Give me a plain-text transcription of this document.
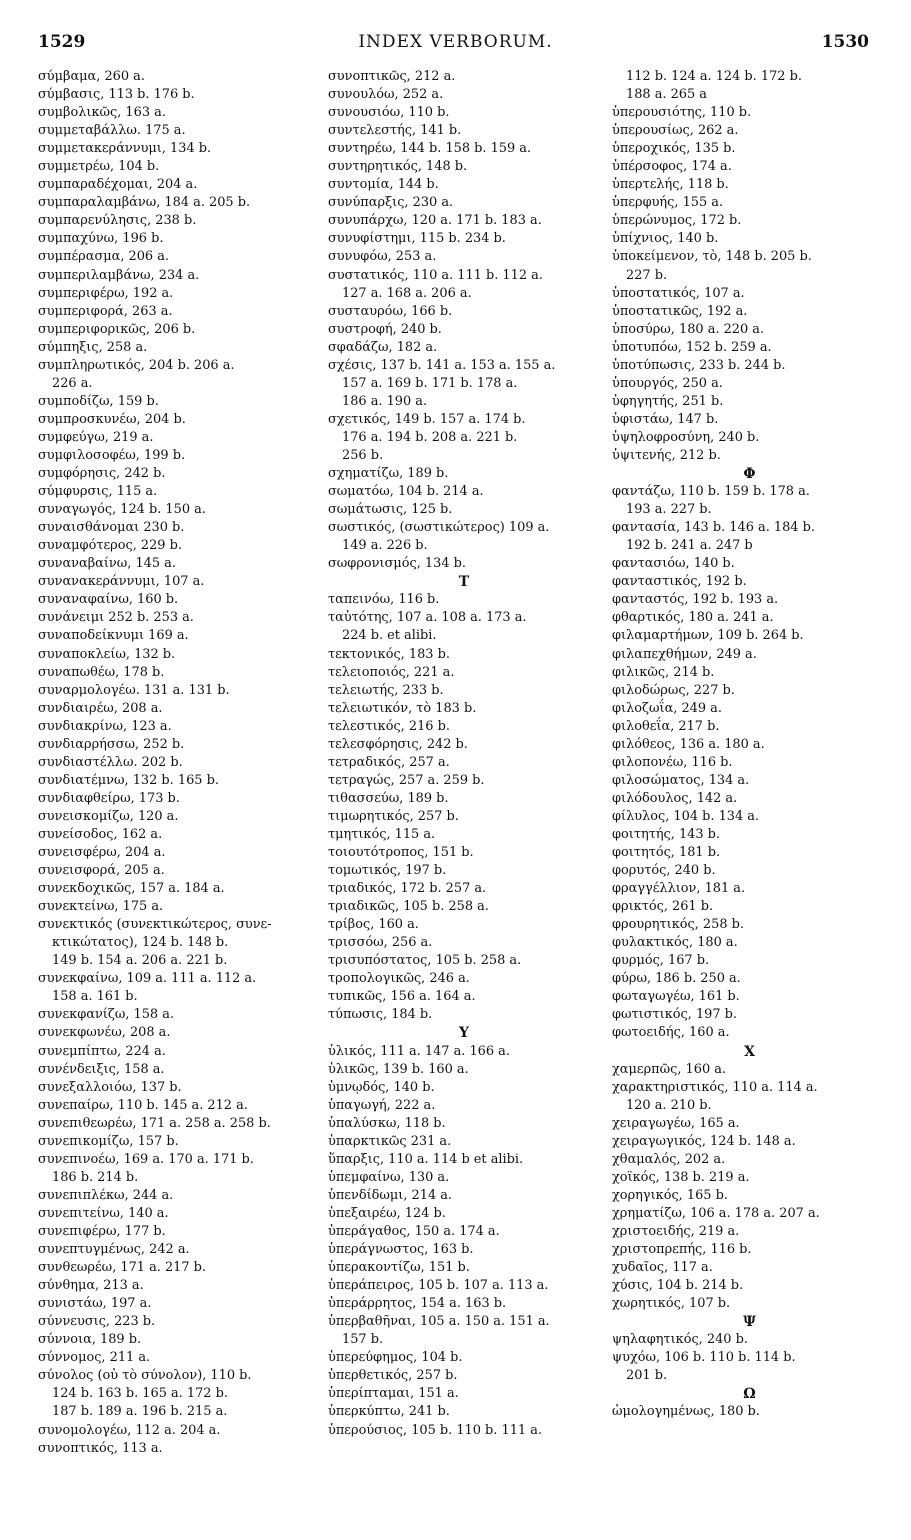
1529	INDEX VERBORUM.	1530
σύμβαμα, 260 a.
σύμβασις, 113 b. 176 b.
συμβολικῶς, 163 a.
συμμεταβάλλω. 175 a.
συμμετακεράννυμι, 134 b.
συμμετρέω, 104 b.
συμπαραδέχομαι, 204 a.
συμπαραλαμβάνω, 184 a. 205 b.
συμπαρενύλησις, 238 b.
συμπαχύνω, 196 b.
συμπέρασμα, 206 a.
συμπεριλαμβάνω, 234 a.
συμπεριφέρω, 192 a.
συμπεριφορά, 263 a.
συμπεριφορικῶς, 206 b.
σύμπηξις, 258 a.
συμπληρωτικός, 204 b. 206 a.
226 a.
συμποδίζω, 159 b.
συμπροσκυνέω, 204 b.
συμφεύγω, 219 a.
συμφιλοσοφέω, 199 b.
συμφόρησις, 242 b.
σύμφυρσις, 115 a.
συναγωγός, 124 b. 150 a.
συναισθάνομαι 230 b.
συναμφότερος, 229 b.
συναναβαίνω, 145 a.
συνανακεράννυμι, 107 a.
συναναφαίνω, 160 b.
συνάνειμι 252 b. 253 a.
συναποδείκνυμι 169 a.
συναποκλείω, 132 b.
συναπωθέω, 178 b.
συναρμολογέω. 131 a. 131 b.
συνδιαιρέω, 208 a.
συνδιακρίνω, 123 a.
συνδιαρρήσσω, 252 b.
συνδιαστέλλω. 202 b.
συνδιατέμνω, 132 b. 165 b.
συνδιαφθείρω, 173 b.
συνεισκομίζω, 120 a.
συνείσοδος, 162 a.
συνεισφέρω, 204 a.
συνεισφορά, 205 a.
συνεκδοχικῶς, 157 a. 184 a.
συνεκτείνω, 175 a.
συνεκτικός (συνεκτικώτερος, συνε-
κτικώτατος), 124 b. 148 b.
149 b. 154 a. 206 a. 221 b.
συνεκφαίνω, 109 a. 111 a. 112 a.
158 a. 161 b.
συνεκφανίζω, 158 a.
συνεκφωνέω, 208 a.
συνεμπίπτω, 224 a.
συνένδειξις, 158 a.
συνεξαλλοιόω, 137 b.
συνεπαίρω, 110 b. 145 a. 212 a.
συνεπιθεωρέω, 171 a. 258 a. 258 b.
συνεπικομίζω, 157 b.
συνεπινοέω, 169 a. 170 a. 171 b.
186 b. 214 b.
συνεπιπλέκω, 244 a.
συνεπιτείνω, 140 a.
συνεπιφέρω, 177 b.
συνεπτυγμένως, 242 a.
συνθεωρέω, 171 a. 217 b.
σύνθημα, 213 a.
συνιστάω, 197 a.
σύννευσις, 223 b.
σύννοια, 189 b.
σύννομος, 211 a.
σύνολος (οὐ τὸ σύνολον), 110 b.
124 b. 163 b. 165 a. 172 b.
187 b. 189 a. 196 b. 215 a.
συνομολογέω, 112 a. 204 a.
συνοπτικός, 113 a.
συνοπτικῶς, 212 a.
συνουλόω, 252 a.
συνουσιόω, 110 b.
συντελεστής, 141 b.
συντηρέω, 144 b. 158 b. 159 a.
συντηρητικός, 148 b.
συντομία, 144 b.
συνύπαρξις, 230 a.
συνυπάρχω, 120 a. 171 b. 183 a.
συνυφίστημι, 115 b. 234 b.
συνυφόω, 253 a.
συστατικός, 110 a. 111 b. 112 a.
127 a. 168 a. 206 a.
συσταυρόω, 166 b.
συστροφή, 240 b.
σφαδάζω, 182 a.
σχέσις, 137 b. 141 a. 153 a. 155 a.
157 a. 169 b. 171 b. 178 a.
186 a. 190 a.
σχετικός, 149 b. 157 a. 174 b.
176 a. 194 b. 208 a. 221 b.
256 b.
σχηματίζω, 189 b.
σωματόω, 104 b. 214 a.
σωμάτωσις, 125 b.
σωστικός, (σωστικώτερος) 109 a.
149 a. 226 b.
σωφρονισμός, 134 b.
Τ
ταπεινόω, 116 b.
ταὐτότης, 107 a. 108 a. 173 a.
224 b. et alibi.
τεκτονικός, 183 b.
τελειοποιός, 221 a.
τελειωτής, 233 b.
τελειωτικόν, τὸ 183 b.
τελεστικός, 216 b.
τελεσφόρησις, 242 b.
τετραδικός, 257 a.
τετραγώς, 257 a. 259 b.
τιθασσεύω, 189 b.
τιμωρητικός, 257 b.
τμητικός, 115 a.
τοιουτότροπος, 151 b.
τομωτικός, 197 b.
τριαδικός, 172 b. 257 a.
τριαδικῶς, 105 b. 258 a.
τρίβος, 160 a.
τρισσόω, 256 a.
τρισυπόστατος, 105 b. 258 a.
τροπολογικῶς, 246 a.
τυπικῶς, 156 a. 164 a.
τύπωσις, 184 b.
Υ
ὑλικός, 111 a. 147 a. 166 a.
ὑλικῶς, 139 b. 160 a.
ὑμνῳδός, 140 b.
ὑπαγωγή, 222 a.
ὑπαλύσκω, 118 b.
ὑπαρκτικῶς 231 a.
ὕπαρξις, 110 a. 114 b et alibi.
ὑπεμφαίνω, 130 a.
ὑπενδίδωμι, 214 a.
ὑπεξαιρέω, 124 b.
ὑπεράγαθος, 150 a. 174 a.
ὑπεράγνωστος, 163 b.
ὑπερακοντίζω, 151 b.
ὑπεράπειρος, 105 b. 107 a. 113 a.
ὑπεράρρητος, 154 a. 163 b.
ὑπερβαθῆναι, 105 a. 150 a. 151 a.
157 b.
ὑπερεύφημος, 104 b.
ὑπερθετικός, 257 b.
ὑπερίπταμαι, 151 a.
ὑπερκύπτω, 241 b.
ὑπερούσιος, 105 b. 110 b. 111 a.
112 b. 124 a. 124 b. 172 b.
188 a. 265 a
ὑπερουσιότης, 110 b.
ὑπερουσίως, 262 a.
ὑπεροχικός, 135 b.
ὑπέρσοφος, 174 a.
ὑπερτελής, 118 b.
ὑπερφυής, 155 a.
ὑπερώνυμος, 172 b.
ὑπίχνιος, 140 b.
ὑποκείμενον, τὸ, 148 b. 205 b.
227 b.
ὑποστατικός, 107 a.
ὑποστατικῶς, 192 a.
ὑποσύρω, 180 a. 220 a.
ὑποτυπόω, 152 b. 259 a.
ὑποτύπωσις, 233 b. 244 b.
ὑπουργός, 250 a.
ὑφηγητής, 251 b.
ὑφιστάω, 147 b.
ὑψηλοφροσύνη, 240 b.
ὑψιτενής, 212 b.
Φ
φαντάζω, 110 b. 159 b. 178 a.
193 a. 227 b.
φαντασία, 143 b. 146 a. 184 b.
192 b. 241 a. 247 b
φαντασιόω, 140 b.
φανταστικός, 192 b.
φανταστός, 192 b. 193 a.
φθαρτικός, 180 a. 241 a.
φιλαμαρτήμων, 109 b. 264 b.
φιλαπεχθήμων, 249 a.
φιλικῶς, 214 b.
φιλοδώρως, 227 b.
φιλοζωΐα, 249 a.
φιλοθεΐα, 217 b.
φιλόθεος, 136 a. 180 a.
φιλοπονέω, 116 b.
φιλοσώματος, 134 a.
φιλόδουλος, 142 a.
φίλυλος, 104 b. 134 a.
φοιτητής, 143 b.
φοιτητός, 181 b.
φορυτός, 240 b.
φραγγέλλιον, 181 a.
φρικτός, 261 b.
φρουρητικός, 258 b.
φυλακτικός, 180 a.
φυρμός, 167 b.
φύρω, 186 b. 250 a.
φωταγωγέω, 161 b.
φωτιστικός, 197 b.
φωτοειδής, 160 a.
Χ
χαμερπῶς, 160 a.
χαρακτηριστικός, 110 a. 114 a.
120 a. 210 b.
χειραγωγέω, 165 a.
χειραγωγικός, 124 b. 148 a.
χθαμαλός, 202 a.
χοϊκός, 138 b. 219 a.
χορηγικός, 165 b.
χρηματίζω, 106 a. 178 a. 207 a.
χριστοειδής, 219 a.
χριστοπρεπής, 116 b.
χυδαῖος, 117 a.
χύσις, 104 b. 214 b.
χωρητικός, 107 b.
Ψ
ψηλαφητικός, 240 b.
ψυχόω, 106 b. 110 b. 114 b.
201 b.
Ω
ὡμολογημένως, 180 b.
